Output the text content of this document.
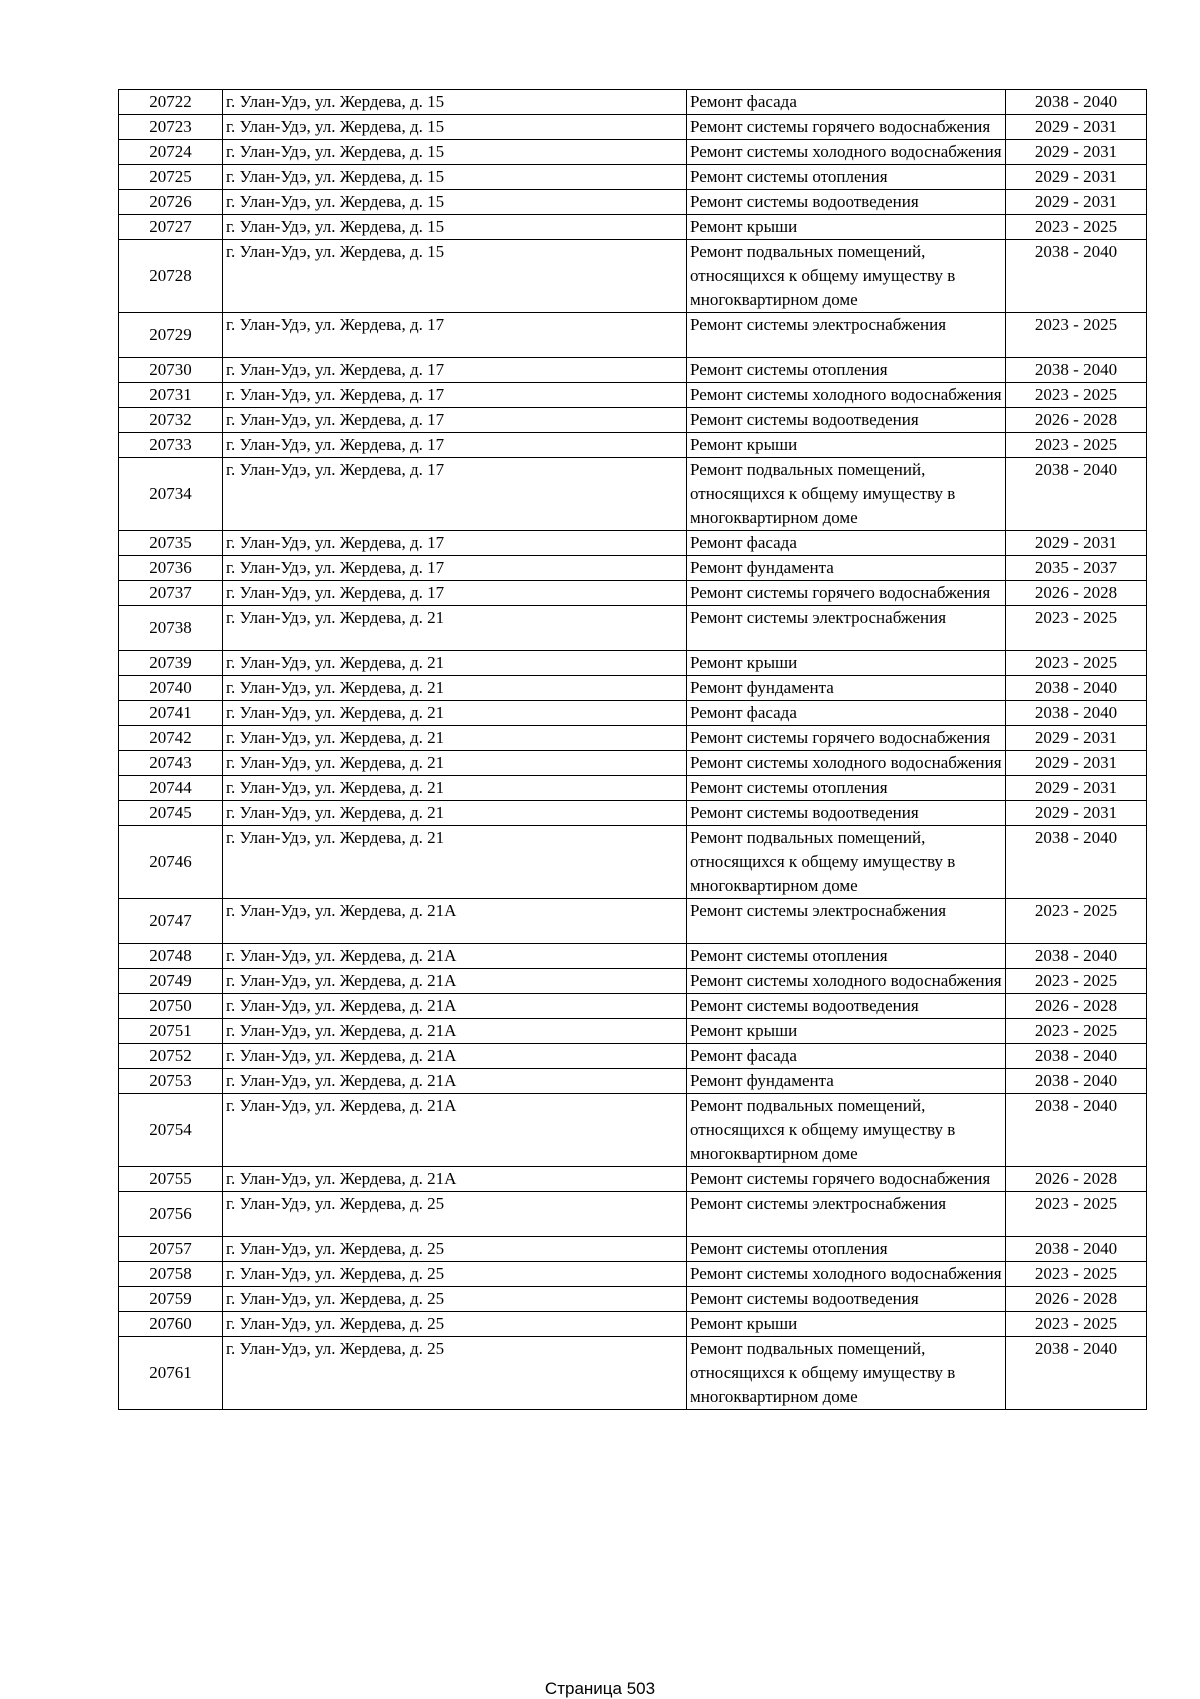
20722	г. Улан-Удэ, ул. Жердева, д. 15	Ремонт фасада	2038 - 2040
20723	г. Улан-Удэ, ул. Жердева, д. 15	Ремонт системы горячего водоснабжения	2029 - 2031
20724	г. Улан-Удэ, ул. Жердева, д. 15	Ремонт системы холодного водоснабжения	2029 - 2031
20725	г. Улан-Удэ, ул. Жердева, д. 15	Ремонт системы отопления	2029 - 2031
20726	г. Улан-Удэ, ул. Жердева, д. 15	Ремонт системы водоотведения	2029 - 2031
20727	г. Улан-Удэ, ул. Жердева, д. 15	Ремонт крыши	2023 - 2025
20728	г. Улан-Удэ, ул. Жердева, д. 15	Ремонт подвальных помещений, относящихся к общему имуществу в многоквартирном доме	2038 - 2040
20729	г. Улан-Удэ, ул. Жердева, д. 17	Ремонт системы электроснабжения	2023 - 2025
20730	г. Улан-Удэ, ул. Жердева, д. 17	Ремонт системы отопления	2038 - 2040
20731	г. Улан-Удэ, ул. Жердева, д. 17	Ремонт системы холодного водоснабжения	2023 - 2025
20732	г. Улан-Удэ, ул. Жердева, д. 17	Ремонт системы водоотведения	2026 - 2028
20733	г. Улан-Удэ, ул. Жердева, д. 17	Ремонт крыши	2023 - 2025
20734	г. Улан-Удэ, ул. Жердева, д. 17	Ремонт подвальных помещений, относящихся к общему имуществу в многоквартирном доме	2038 - 2040
20735	г. Улан-Удэ, ул. Жердева, д. 17	Ремонт фасада	2029 - 2031
20736	г. Улан-Удэ, ул. Жердева, д. 17	Ремонт фундамента	2035 - 2037
20737	г. Улан-Удэ, ул. Жердева, д. 17	Ремонт системы горячего водоснабжения	2026 - 2028
20738	г. Улан-Удэ, ул. Жердева, д. 21	Ремонт системы электроснабжения	2023 - 2025
20739	г. Улан-Удэ, ул. Жердева, д. 21	Ремонт крыши	2023 - 2025
20740	г. Улан-Удэ, ул. Жердева, д. 21	Ремонт фундамента	2038 - 2040
20741	г. Улан-Удэ, ул. Жердева, д. 21	Ремонт фасада	2038 - 2040
20742	г. Улан-Удэ, ул. Жердева, д. 21	Ремонт системы горячего водоснабжения	2029 - 2031
20743	г. Улан-Удэ, ул. Жердева, д. 21	Ремонт системы холодного водоснабжения	2029 - 2031
20744	г. Улан-Удэ, ул. Жердева, д. 21	Ремонт системы отопления	2029 - 2031
20745	г. Улан-Удэ, ул. Жердева, д. 21	Ремонт системы водоотведения	2029 - 2031
20746	г. Улан-Удэ, ул. Жердева, д. 21	Ремонт подвальных помещений, относящихся к общему имуществу в многоквартирном доме	2038 - 2040
20747	г. Улан-Удэ, ул. Жердева, д. 21А	Ремонт системы электроснабжения	2023 - 2025
20748	г. Улан-Удэ, ул. Жердева, д. 21А	Ремонт системы отопления	2038 - 2040
20749	г. Улан-Удэ, ул. Жердева, д. 21А	Ремонт системы холодного водоснабжения	2023 - 2025
20750	г. Улан-Удэ, ул. Жердева, д. 21А	Ремонт системы водоотведения	2026 - 2028
20751	г. Улан-Удэ, ул. Жердева, д. 21А	Ремонт крыши	2023 - 2025
20752	г. Улан-Удэ, ул. Жердева, д. 21А	Ремонт фасада	2038 - 2040
20753	г. Улан-Удэ, ул. Жердева, д. 21А	Ремонт фундамента	2038 - 2040
20754	г. Улан-Удэ, ул. Жердева, д. 21А	Ремонт подвальных помещений, относящихся к общему имуществу в многоквартирном доме	2038 - 2040
20755	г. Улан-Удэ, ул. Жердева, д. 21А	Ремонт системы горячего водоснабжения	2026 - 2028
20756	г. Улан-Удэ, ул. Жердева, д. 25	Ремонт системы электроснабжения	2023 - 2025
20757	г. Улан-Удэ, ул. Жердева, д. 25	Ремонт системы отопления	2038 - 2040
20758	г. Улан-Удэ, ул. Жердева, д. 25	Ремонт системы холодного водоснабжения	2023 - 2025
20759	г. Улан-Удэ, ул. Жердева, д. 25	Ремонт системы водоотведения	2026 - 2028
20760	г. Улан-Удэ, ул. Жердева, д. 25	Ремонт крыши	2023 - 2025
20761	г. Улан-Удэ, ул. Жердева, д. 25	Ремонт подвальных помещений, относящихся к общему имуществу в многоквартирном доме	2038 - 2040
Страница 503
